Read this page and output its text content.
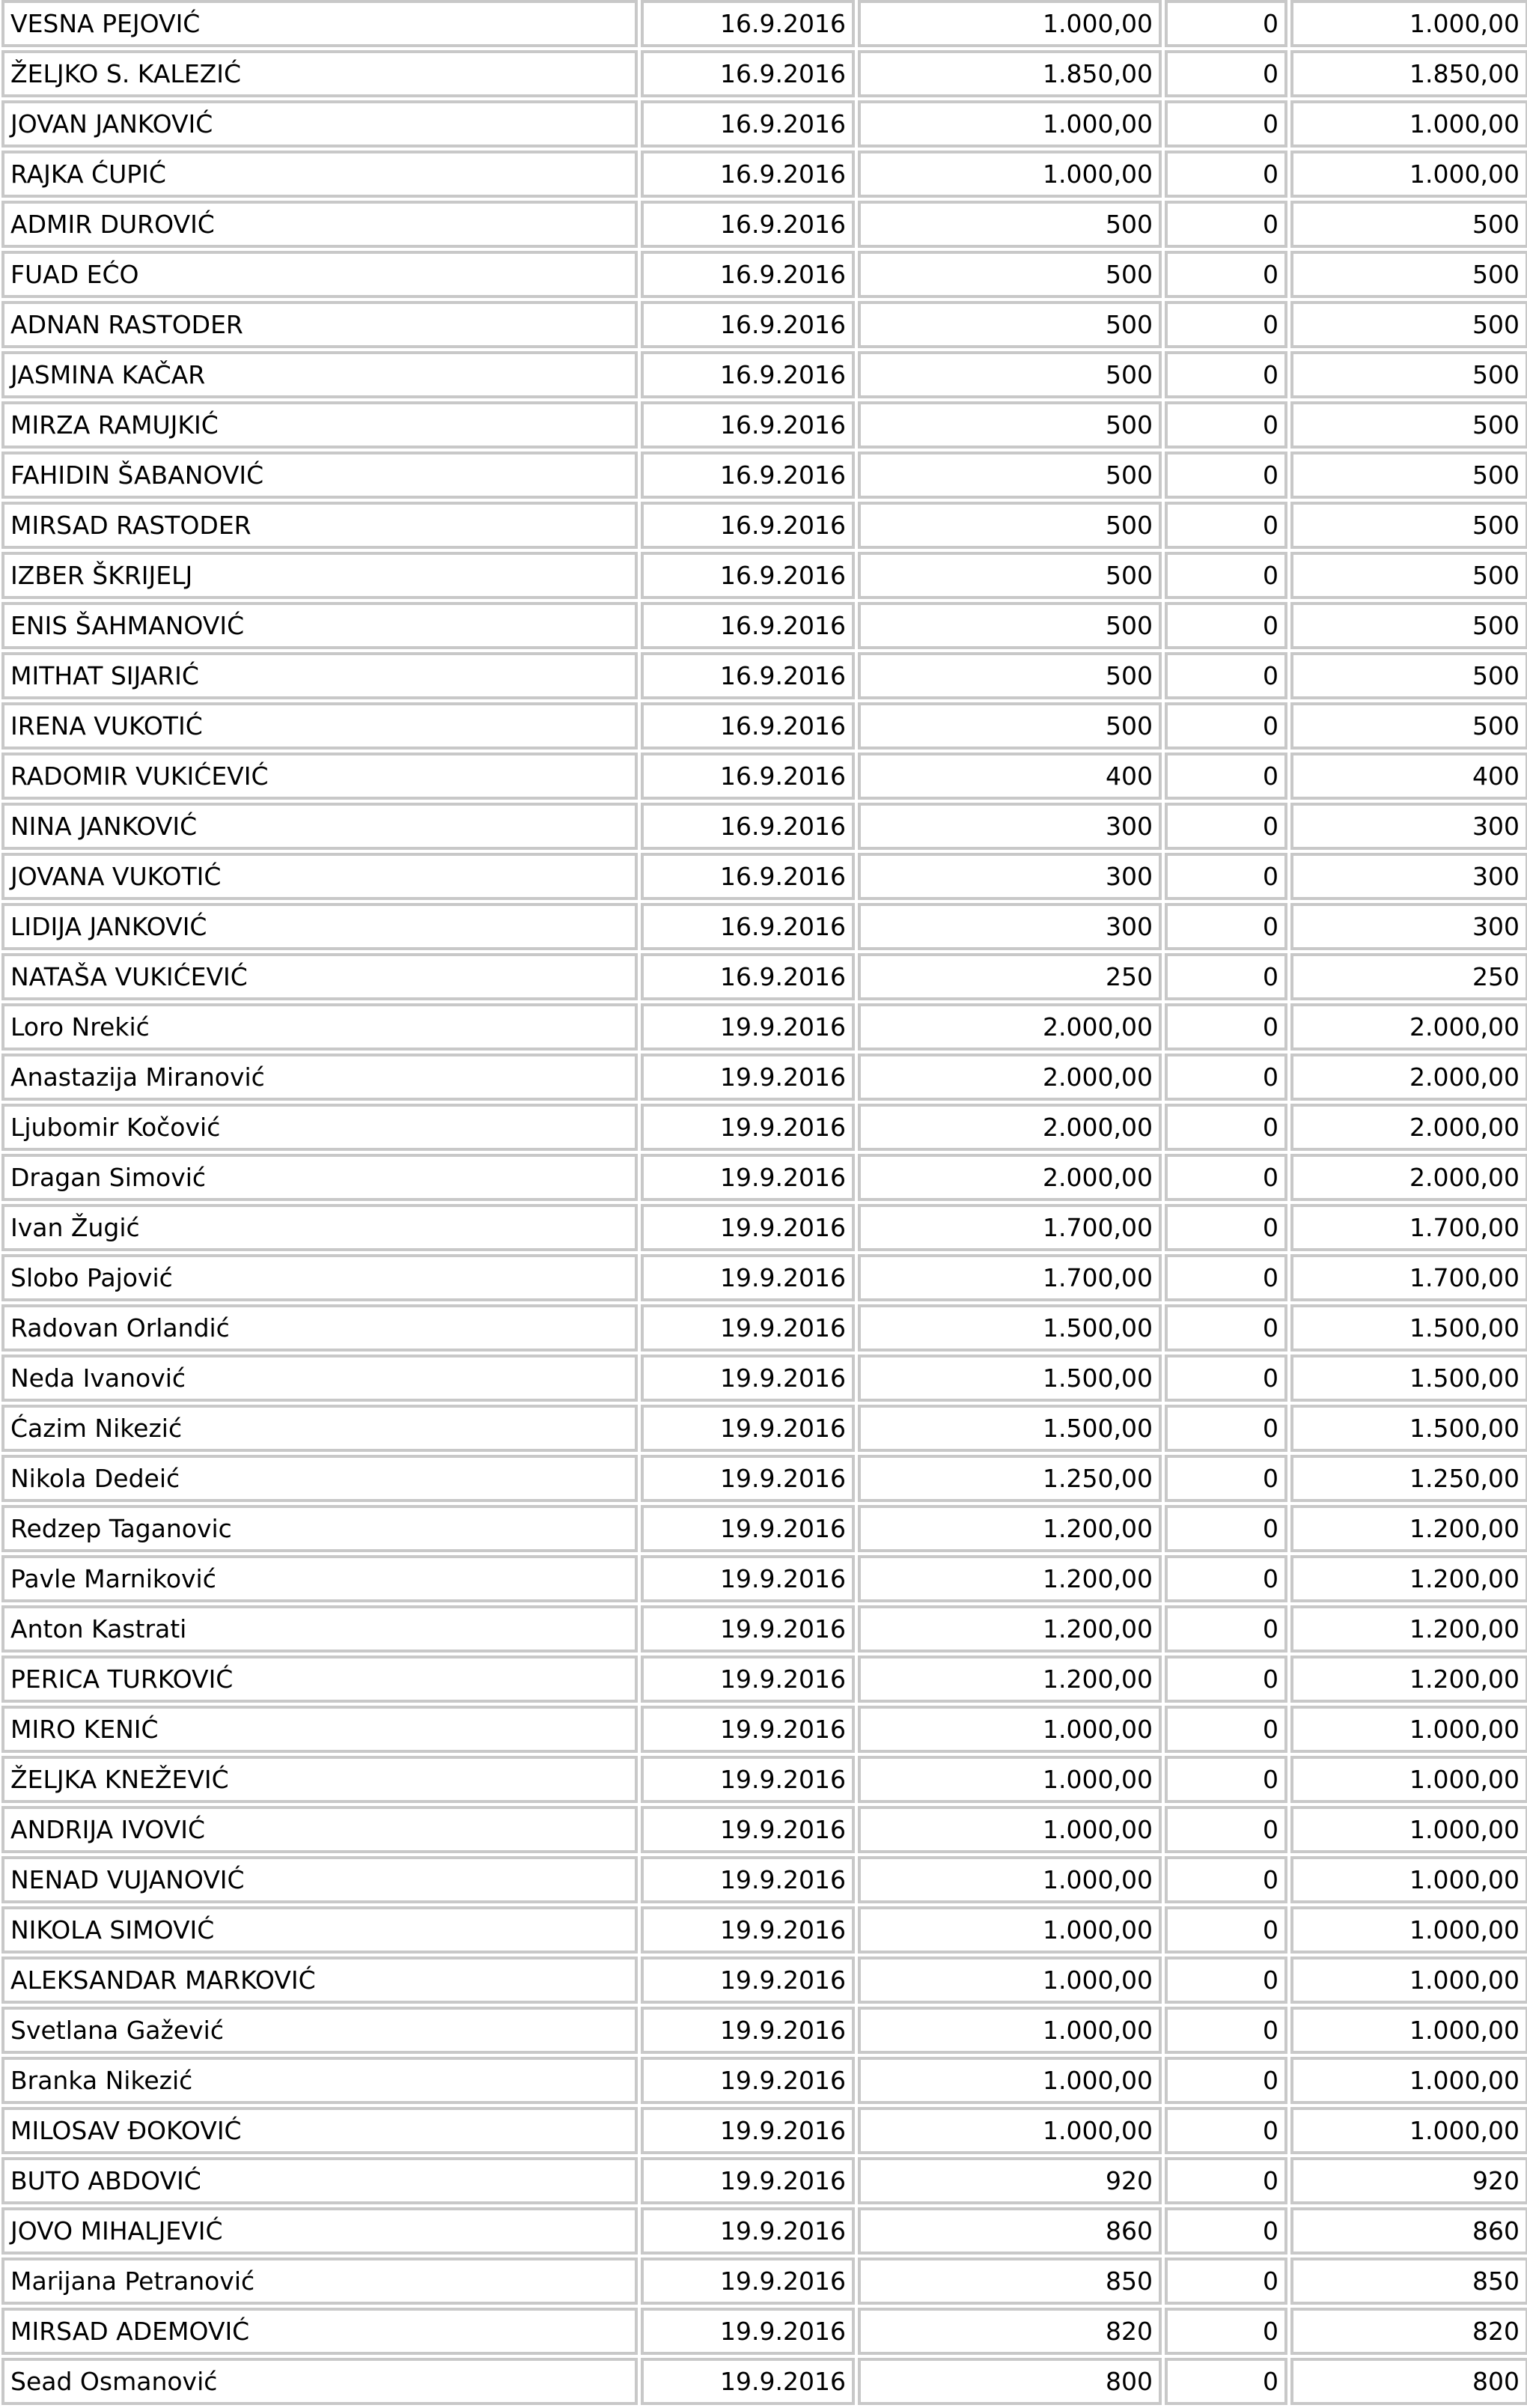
VESNA PEJOVIĆ	16.9.2016	1.000,00	0	1.000,00
ŽELJKO S. KALEZIĆ	16.9.2016	1.850,00	0	1.850,00
JOVAN JANKOVIĆ	16.9.2016	1.000,00	0	1.000,00
RAJKA ĆUPIĆ	16.9.2016	1.000,00	0	1.000,00
ADMIR DUROVIĆ	16.9.2016	500	0	500
FUAD EĆO	16.9.2016	500	0	500
ADNAN RASTODER	16.9.2016	500	0	500
JASMINA KAČAR	16.9.2016	500	0	500
MIRZA RAMUJKIĆ	16.9.2016	500	0	500
FAHIDIN ŠABANOVIĆ	16.9.2016	500	0	500
MIRSAD RASTODER	16.9.2016	500	0	500
IZBER ŠKRIJELJ	16.9.2016	500	0	500
ENIS ŠAHMANOVIĆ	16.9.2016	500	0	500
MITHAT SIJARIĆ	16.9.2016	500	0	500
IRENA VUKOTIĆ	16.9.2016	500	0	500
RADOMIR VUKIĆEVIĆ	16.9.2016	400	0	400
NINA JANKOVIĆ	16.9.2016	300	0	300
JOVANA VUKOTIĆ	16.9.2016	300	0	300
LIDIJA JANKOVIĆ	16.9.2016	300	0	300
NATAŠA VUKIĆEVIĆ	16.9.2016	250	0	250
Loro Nrekić	19.9.2016	2.000,00	0	2.000,00
Anastazija Miranović	19.9.2016	2.000,00	0	2.000,00
Ljubomir Kočović	19.9.2016	2.000,00	0	2.000,00
Dragan Simović	19.9.2016	2.000,00	0	2.000,00
Ivan Žugić	19.9.2016	1.700,00	0	1.700,00
Slobo Pajović	19.9.2016	1.700,00	0	1.700,00
Radovan Orlandić	19.9.2016	1.500,00	0	1.500,00
Neda Ivanović	19.9.2016	1.500,00	0	1.500,00
Ćazim Nikezić	19.9.2016	1.500,00	0	1.500,00
Nikola Dedeić	19.9.2016	1.250,00	0	1.250,00
Redzep Taganovic	19.9.2016	1.200,00	0	1.200,00
Pavle Marniković	19.9.2016	1.200,00	0	1.200,00
Anton Kastrati	19.9.2016	1.200,00	0	1.200,00
PERICA TURKOVIĆ	19.9.2016	1.200,00	0	1.200,00
MIRO KENIĆ	19.9.2016	1.000,00	0	1.000,00
ŽELJKA KNEŽEVIĆ	19.9.2016	1.000,00	0	1.000,00
ANDRIJA IVOVIĆ	19.9.2016	1.000,00	0	1.000,00
NENAD VUJANOVIĆ	19.9.2016	1.000,00	0	1.000,00
NIKOLA SIMOVIĆ	19.9.2016	1.000,00	0	1.000,00
ALEKSANDAR MARKOVIĆ	19.9.2016	1.000,00	0	1.000,00
Svetlana Gažević	19.9.2016	1.000,00	0	1.000,00
Branka Nikezić	19.9.2016	1.000,00	0	1.000,00
MILOSAV ĐOKOVIĆ	19.9.2016	1.000,00	0	1.000,00
BUTO ABDOVIĆ	19.9.2016	920	0	920
JOVO MIHALJEVIĆ	19.9.2016	860	0	860
Marijana Petranović	19.9.2016	850	0	850
MIRSAD ADEMOVIĆ	19.9.2016	820	0	820
Sead Osmanović	19.9.2016	800	0	800
